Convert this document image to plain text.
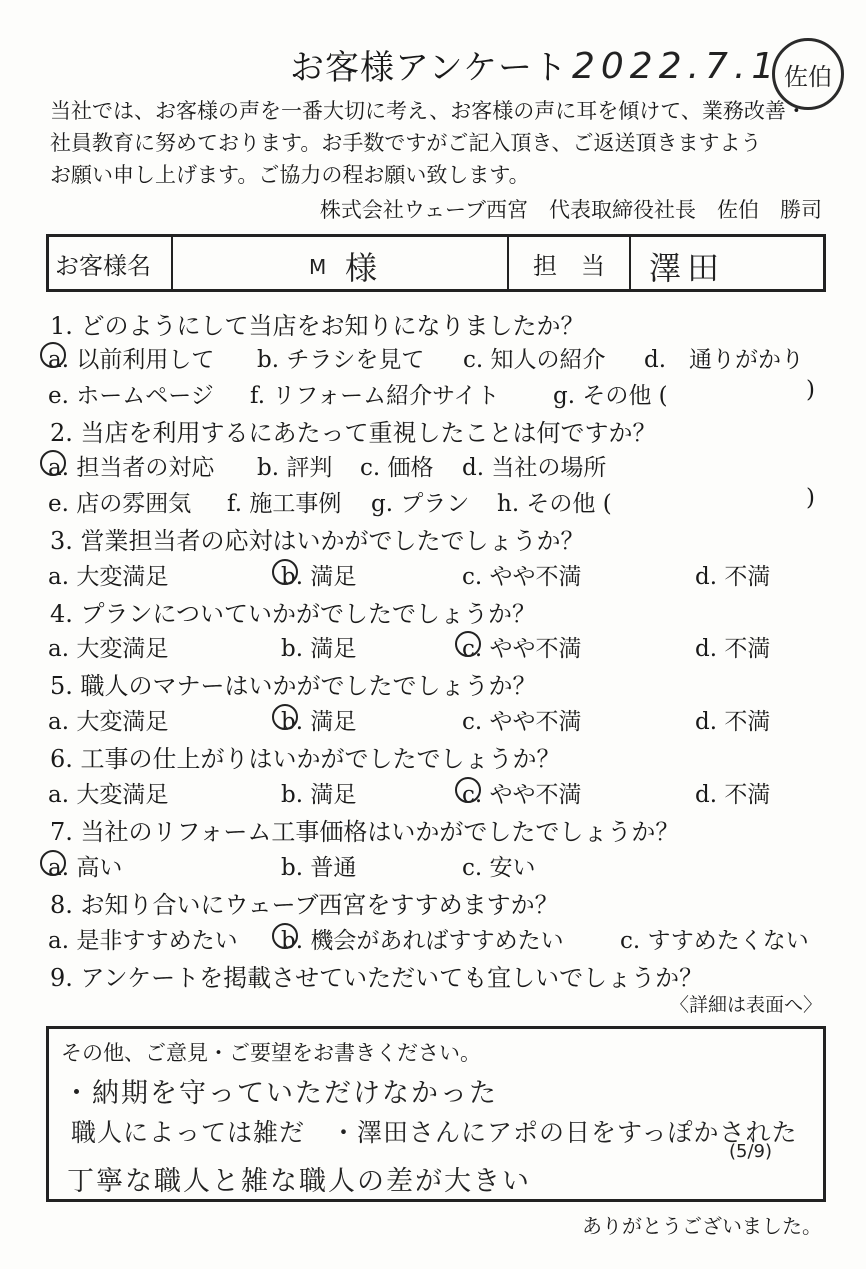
お客様アンケート 2022.7.1 佐伯
当社では、お客様の声を一番大切に考え、お客様の声に耳を傾けて、業務改善・
社員教育に努めております。お手数ですがご記入頂き、ご返送頂きますよう
お願い申し上げます。ご協力の程お願い致します。
株式会社ウェーブ西宮　代表取締役社長　佐伯　勝司
お客様名	M 様	担　当	澤田
1. どのようにして当店をお知りになりましたか？
a. 以前利用して b. チラシを見て c. 知人の紹介 d.　通りがかり
e. ホームページ f. リフォーム紹介サイト g. その他 (	)
2. 当店を利用するにあたって重視したことは何ですか？
a. 担当者の対応 b. 評判 c. 価格 d. 当社の場所
e. 店の雰囲気 f. 施工事例 g. プラン h. その他 (	)
3. 営業担当者の応対はいかがでしたでしょうか？
a. 大変満足	b. 満足	c. やや不満	d. 不満
4. プランについていかがでしたでしょうか？
a. 大変満足	b. 満足	c. やや不満	d. 不満
5. 職人のマナーはいかがでしたでしょうか？
a. 大変満足	b. 満足	c. やや不満	d. 不満
6. 工事の仕上がりはいかがでしたでしょうか？
a. 大変満足	b. 満足	c. やや不満	d. 不満
7. 当社のリフォーム工事価格はいかがでしたでしょうか？
a. 高い	b. 普通	c. 安い
8. お知り合いにウェーブ西宮をすすめますか？
a. 是非すすめたい b. 機会があればすすめたい c. すすめたくない
9. アンケートを掲載させていただいても宜しいでしょうか？
〈詳細は表面へ〉
その他、ご意見・ご要望をお書きください。
・納期を守っていただけなかった
職人によっては雑だ　・澤田さんにアポの日をすっぽかされた
(5/9)
丁寧な職人と雑な職人の差が大きい
ありがとうございました。
